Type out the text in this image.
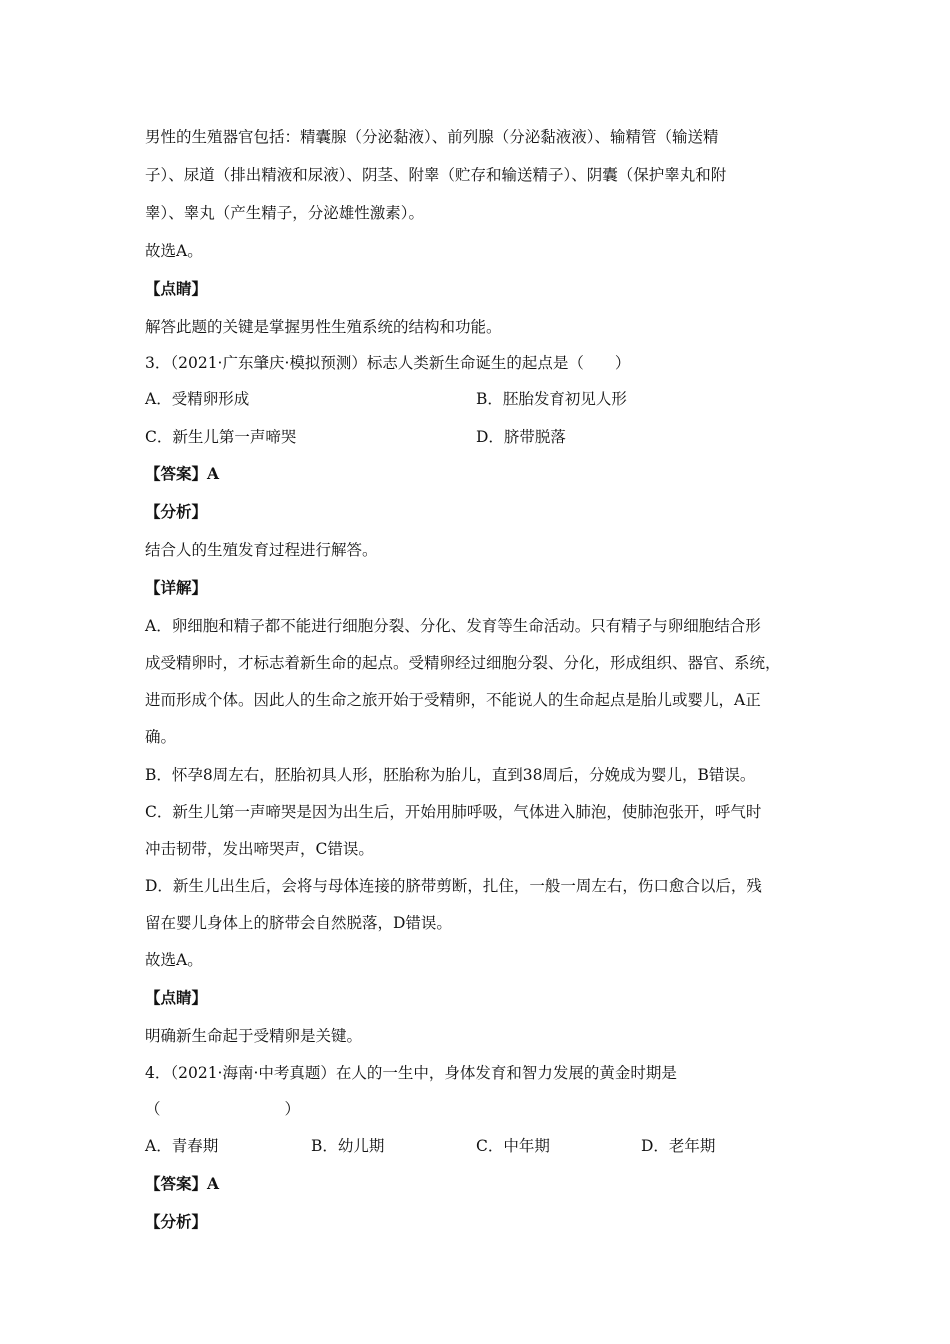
男性的生殖器官包括：精囊腺（分泌黏液）、前列腺（分泌黏液液）、输精管（输送精
子）、尿道（排出精液和尿液）、阴茎、附睾（贮存和输送精子）、阴囊（保护睾丸和附
睾）、睾丸（产生精子，分泌雄性激素）。
故选A。
【点睛】
解答此题的关键是掌握男性生殖系统的结构和功能。
3．（2021·广东肇庆·模拟预测）标志人类新生命诞生的起点是（　　）
A．受精卵形成	B．胚胎发育初见人形
C．新生儿第一声啼哭	D．脐带脱落
【答案】A
【分析】
结合人的生殖发育过程进行解答。
【详解】
A．卵细胞和精子都不能进行细胞分裂、分化、发育等生命活动。只有精子与卵细胞结合形
成受精卵时，才标志着新生命的起点。受精卵经过细胞分裂、分化，形成组织、器官、系统，
进而形成个体。因此人的生命之旅开始于受精卵，不能说人的生命起点是胎儿或婴儿，A正
确。
B．怀孕8周左右，胚胎初具人形，胚胎称为胎儿，直到38周后，分娩成为婴儿，B错误。
C．新生儿第一声啼哭是因为出生后，开始用肺呼吸，气体进入肺泡，使肺泡张开，呼气时
冲击韧带，发出啼哭声，C错误。
D．新生儿出生后，会将与母体连接的脐带剪断，扎住，一般一周左右，伤口愈合以后，残
留在婴儿身体上的脐带会自然脱落，D错误。
故选A。
【点睛】
明确新生命起于受精卵是关键。
4．（2021·海南·中考真题）在人的一生中，身体发育和智力发展的黄金时期是
（　　　　　　　　）
A．青春期	B．幼儿期	C．中年期	D．老年期
【答案】A
【分析】
